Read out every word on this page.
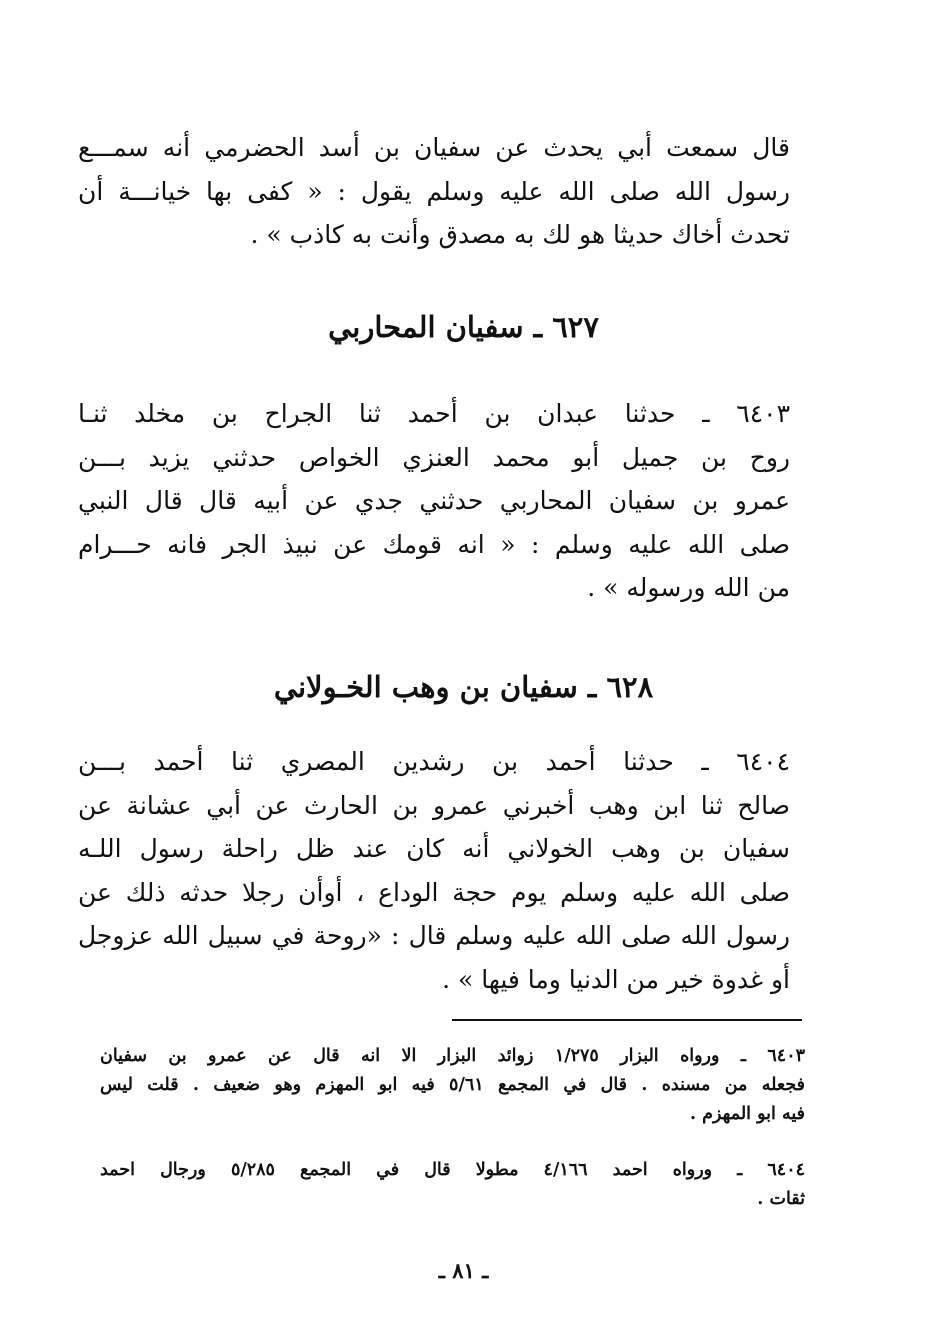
قال سمعت أبي يحدث عن سفيان بن أسد الحضرمي أنه سمـــع
رسول الله صلى الله عليه وسلم يقول : « كفى بها خيانـــة أن
تحدث أخاك حديثا هو لك به مصدق وأنت به كاذب » .
٦٢٧ ـ سفيان المحاربي
٦٤٠٣ ـ حدثنا عبدان بن أحمد ثنا الجراح بن مخلد ثنـا
روح بن جميل أبو محمد العنزي الخواص حدثني يزيد بـــن
عمرو بن سفيان المحاربي حدثني جدي عن أبيه قال قال النبي
صلى الله عليه وسلم : « انه قومك عن نبيذ الجر فانه حـــرام
من الله ورسوله » .
٦٢٨ ـ سفيان بن وهب الخـولاني
٦٤٠٤ ـ حدثنا أحمد بن رشدين المصري ثنا أحمد بـــن
صالح ثنا ابن وهب أخبرني عمرو بن الحارث عن أبي عشانة عن
سفيان بن وهب الخولاني أنه كان عند ظل راحلة رسول اللـه
صلى الله عليه وسلم يوم حجة الوداع ، أوأن رجلا حدثه ذلك عن
رسول الله صلى الله عليه وسلم قال : «روحة في سبيل الله عزوجل
أو غدوة خير من الدنيا وما فيها » .
٦٤٠٣ ـ ورواه البزار ١/٢٧٥ زوائد البزار الا انه قال عن عمرو بن سفيان
فجعله من مسنده . قال في المجمع ٥/٦١ فيه ابو المهزم وهو ضعيف . قلت ليس
فيه ابو المهزم .
٦٤٠٤ ـ ورواه احمد ٤/١٦٦ مطولا قال في المجمع ٥/٢٨٥ ورجال احمد
ثقات .
ـ ٨١ ـ
